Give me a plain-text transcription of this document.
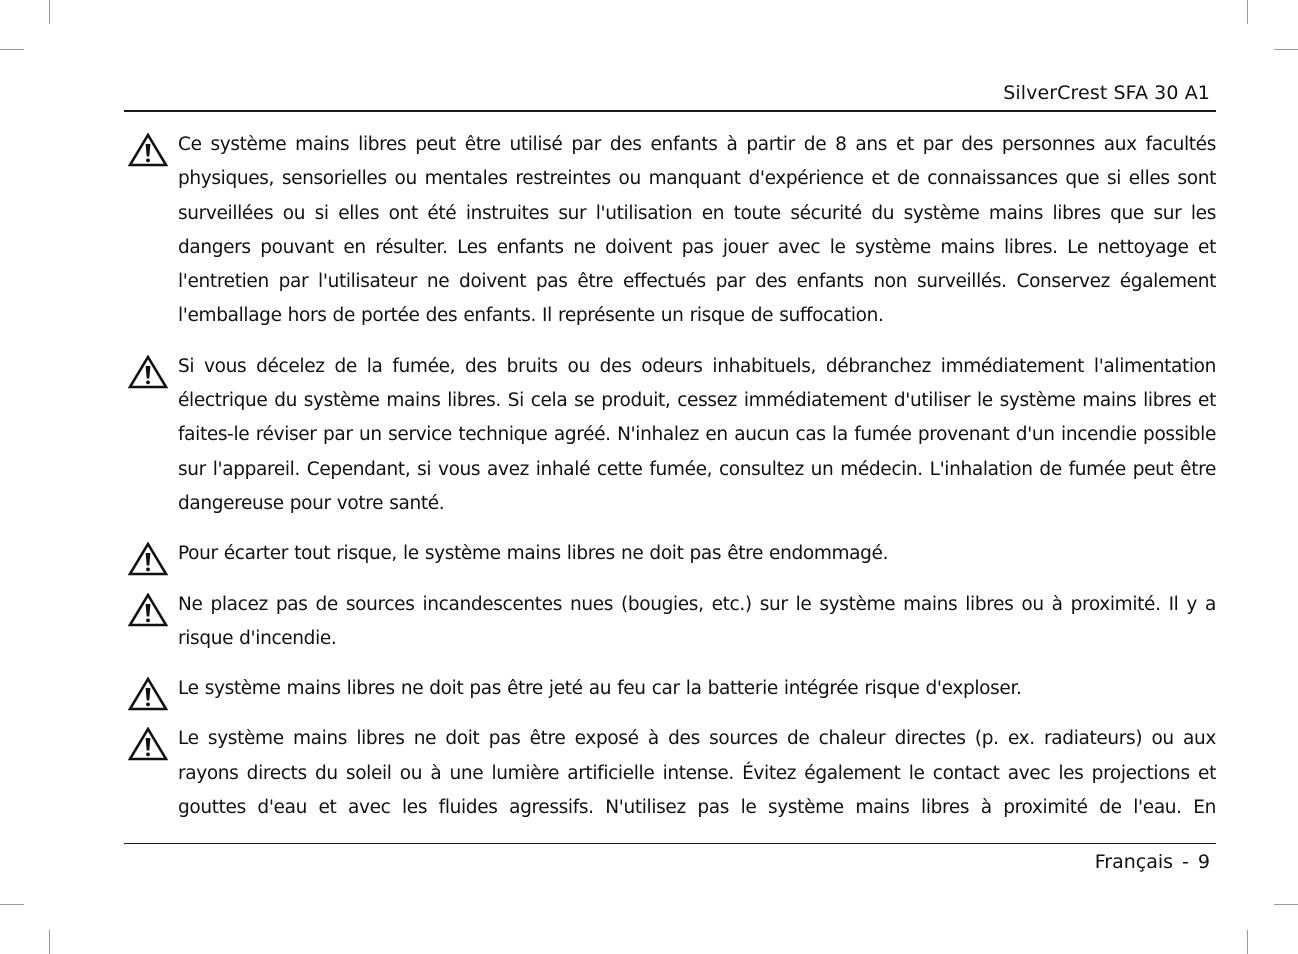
SilverCrest SFA 30 A1
Ce système mains libres peut être utilisé par des enfants à partir de 8 ans et par des personnes aux facultés physiques, sensorielles ou mentales restreintes ou manquant d'expérience et de connaissances que si elles sont surveillées ou si elles ont été instruites sur l'utilisation en toute sécurité du système mains libres que sur les dangers pouvant en résulter. Les enfants ne doivent pas jouer avec le système mains libres. Le nettoyage et l'entretien par l'utilisateur ne doivent pas être effectués par des enfants non surveillés. Conservez également l'emballage hors de portée des enfants. Il représente un risque de suffocation.
Si vous décelez de la fumée, des bruits ou des odeurs inhabituels, débranchez immédiatement l'alimentation électrique du système mains libres. Si cela se produit, cessez immédiatement d'utiliser le système mains libres et faites-le réviser par un service technique agréé. N'inhalez en aucun cas la fumée provenant d'un incendie possible sur l'appareil. Cependant, si vous avez inhalé cette fumée, consultez un médecin. L'inhalation de fumée peut être dangereuse pour votre santé.
Pour écarter tout risque, le système mains libres ne doit pas être endommagé.
Ne placez pas de sources incandescentes nues (bougies, etc.) sur le système mains libres ou à proximité. Il y a risque d'incendie.
Le système mains libres ne doit pas être jeté au feu car la batterie intégrée risque d'exploser.
Le système mains libres ne doit pas être exposé à des sources de chaleur directes (p. ex. radiateurs) ou aux rayons directs du soleil ou à une lumière artificielle intense. Évitez également le contact avec les projections et gouttes d'eau et avec les fluides agressifs. N'utilisez pas le système mains libres à proximité de l'eau. En
Français - 9
